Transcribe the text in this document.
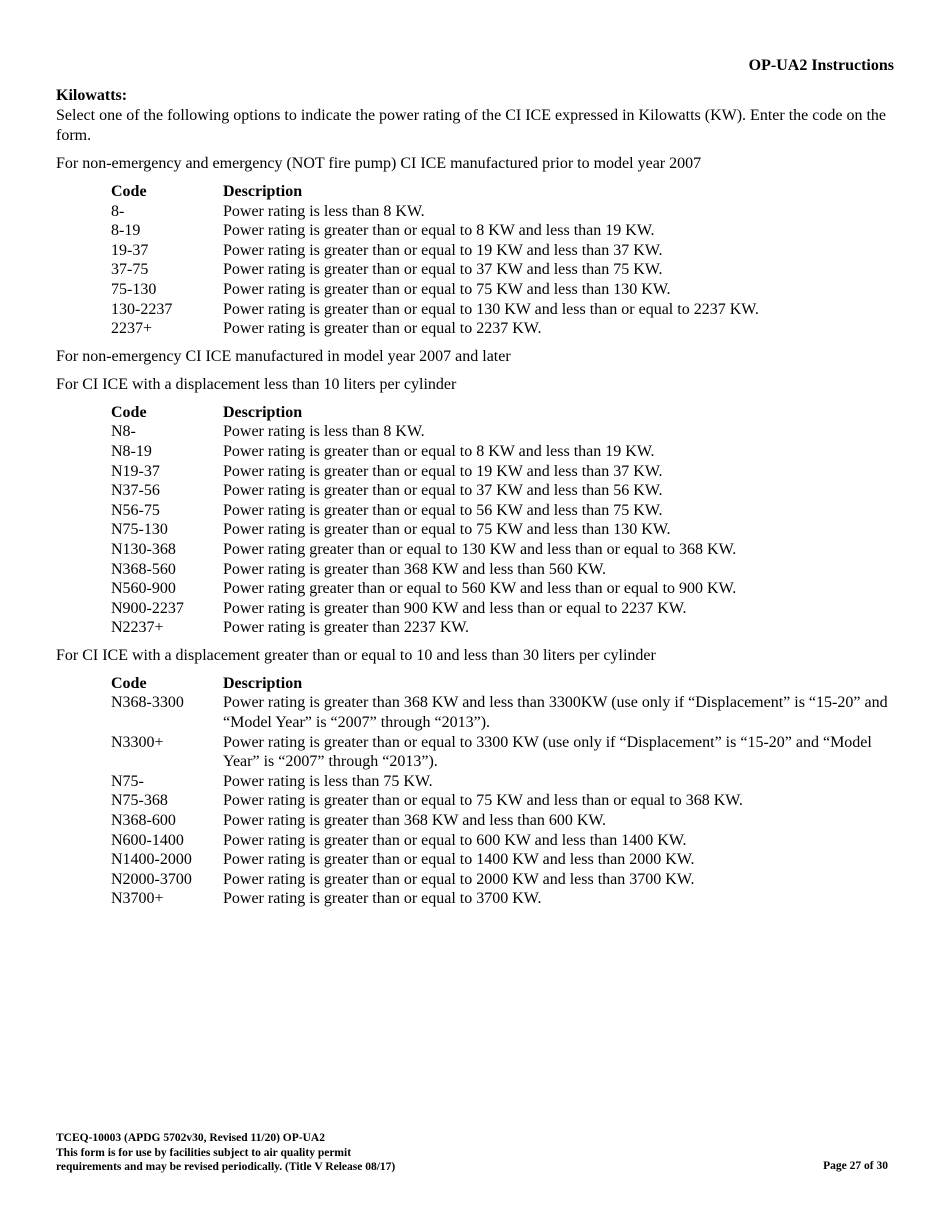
OP-UA2 Instructions
Kilowatts:

Select one of the following options to indicate the power rating of the CI ICE expressed in Kilowatts (KW). Enter the code on the form.

For non-emergency and emergency (NOT fire pump) CI ICE manufactured prior to model year 2007

Code	Description
8-	Power rating is less than 8 KW.
8-19	Power rating is greater than or equal to 8 KW and less than 19 KW.
19-37	Power rating is greater than or equal to 19 KW and less than 37 KW.
37-75	Power rating is greater than or equal to 37 KW and less than 75 KW.
75-130	Power rating is greater than or equal to 75 KW and less than 130 KW.
130-2237	Power rating is greater than or equal to 130 KW and less than or equal to 2237 KW.
2237+	Power rating is greater than or equal to 2237 KW.

For non-emergency CI ICE manufactured in model year 2007 and later

For CI ICE with a displacement less than 10 liters per cylinder

Code	Description
N8-	Power rating is less than 8 KW.
N8-19	Power rating is greater than or equal to 8 KW and less than 19 KW.
N19-37	Power rating is greater than or equal to 19 KW and less than 37 KW.
N37-56	Power rating is greater than or equal to 37 KW and less than 56 KW.
N56-75	Power rating is greater than or equal to 56 KW and less than 75 KW.
N75-130	Power rating is greater than or equal to 75 KW and less than 130 KW.
N130-368	Power rating greater than or equal to 130 KW and less than or equal to 368 KW.
N368-560	Power rating is greater than 368 KW and less than 560 KW.
N560-900	Power rating greater than or equal to 560 KW and less than or equal to 900 KW.
N900-2237	Power rating is greater than 900 KW and less than or equal to 2237 KW.
N2237+	Power rating is greater than 2237 KW.

For CI ICE with a displacement greater than or equal to 10 and less than 30 liters per cylinder

Code	Description
N368-3300	Power rating is greater than 368 KW and less than 3300KW (use only if “Displacement” is “15-20” and “Model Year” is “2007” through “2013”).
N3300+	Power rating is greater than or equal to 3300 KW (use only if “Displacement” is “15-20” and “Model Year” is “2007” through “2013”).
N75-	Power rating is less than 75 KW.
N75-368	Power rating is greater than or equal to 75 KW and less than or equal to 368 KW.
N368-600	Power rating is greater than 368 KW and less than 600 KW.
N600-1400	Power rating is greater than or equal to 600 KW and less than 1400 KW.
N1400-2000	Power rating is greater than or equal to 1400 KW and less than 2000 KW.
N2000-3700	Power rating is greater than or equal to 2000 KW and less than 3700 KW.
N3700+	Power rating is greater than or equal to 3700 KW.
TCEQ-10003 (APDG 5702v30, Revised 11/20) OP-UA2
This form is for use by facilities subject to air quality permit
requirements and may be revised periodically. (Title V Release 08/17)	Page 27 of 30
